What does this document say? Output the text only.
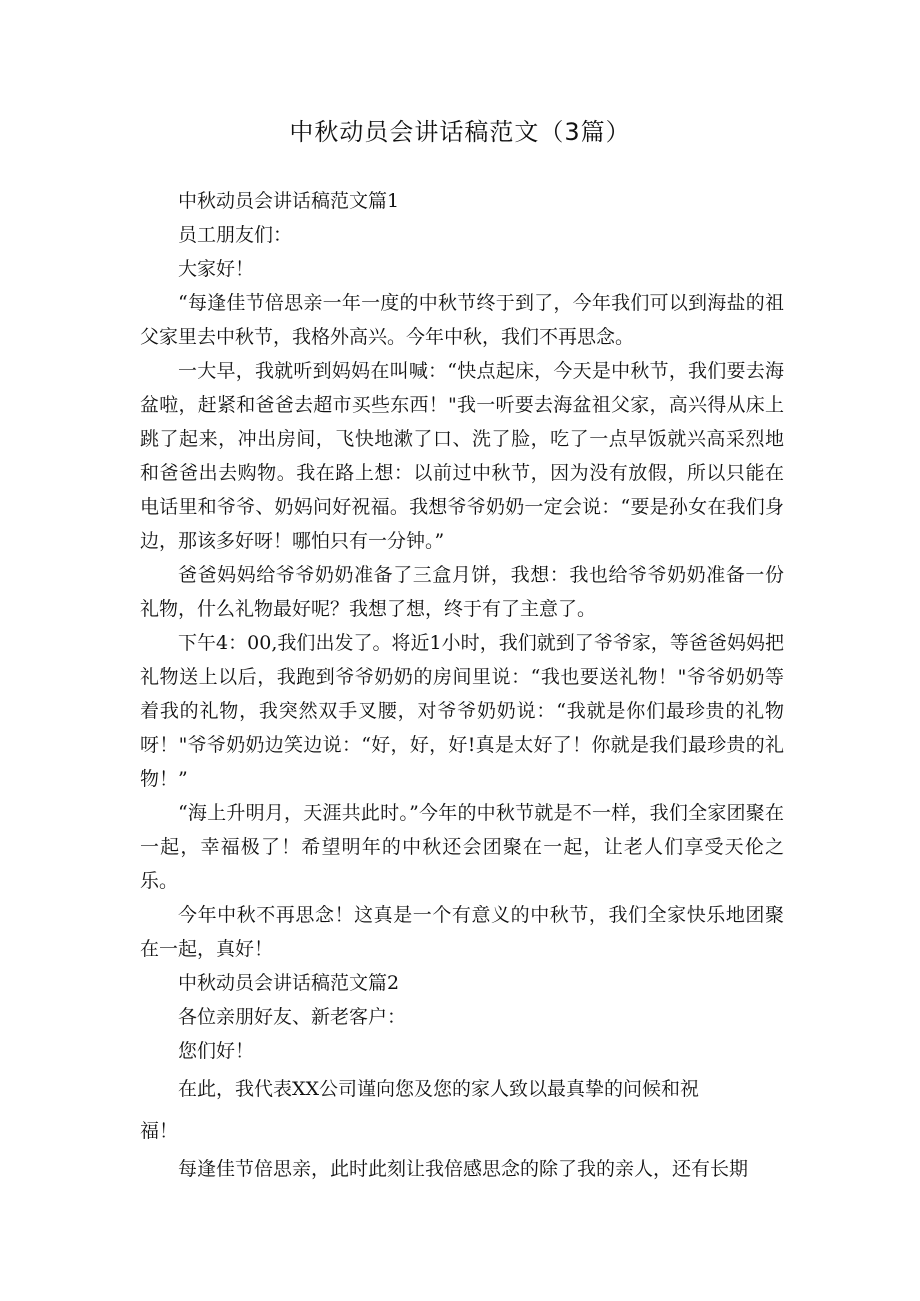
中秋动员会讲话稿范文（3篇）

中秋动员会讲话稿范文篇1

员工朋友们：

大家好！

“每逢佳节倍思亲一年一度的中秋节终于到了，今年我们可以到海盐的祖父家里去中秋节，我格外高兴。今年中秋，我们不再思念。

一大早，我就听到妈妈在叫喊：“快点起床，今天是中秋节，我们要去海盆啦，赶紧和爸爸去超市买些东西！"我一听要去海盆祖父家，高兴得从床上跳了起来，冲出房间，飞快地漱了口、洗了脸，吃了一点早饭就兴高采烈地和爸爸出去购物。我在路上想：以前过中秋节，因为没有放假，所以只能在电话里和爷爷、奶妈问好祝福。我想爷爷奶奶一定会说：“要是孙女在我们身边，那该多好呀！哪怕只有一分钟。”

爸爸妈妈给爷爷奶奶准备了三盒月饼，我想：我也给爷爷奶奶准备一份礼物，什么礼物最好呢？我想了想，终于有了主意了。

下午4：00,我们出发了。将近1小时，我们就到了爷爷家，等爸爸妈妈把礼物送上以后，我跑到爷爷奶奶的房间里说：“我也要送礼物！"爷爷奶奶等着我的礼物，我突然双手叉腰，对爷爷奶奶说：“我就是你们最珍贵的礼物呀！"爷爷奶奶边笑边说：“好，好，好!真是太好了！你就是我们最珍贵的礼物！”

“海上升明月，天涯共此时。”今年的中秋节就是不一样，我们全家团聚在一起，幸福极了！希望明年的中秋还会团聚在一起，让老人们享受天伦之乐。

今年中秋不再思念！这真是一个有意义的中秋节，我们全家快乐地团聚在一起，真好！

中秋动员会讲话稿范文篇2

各位亲朋好友、新老客户：

您们好！

在此，我代表XX公司谨向您及您的家人致以最真挚的问候和祝

福！

每逢佳节倍思亲，此时此刻让我倍感思念的除了我的亲人，还有长期
